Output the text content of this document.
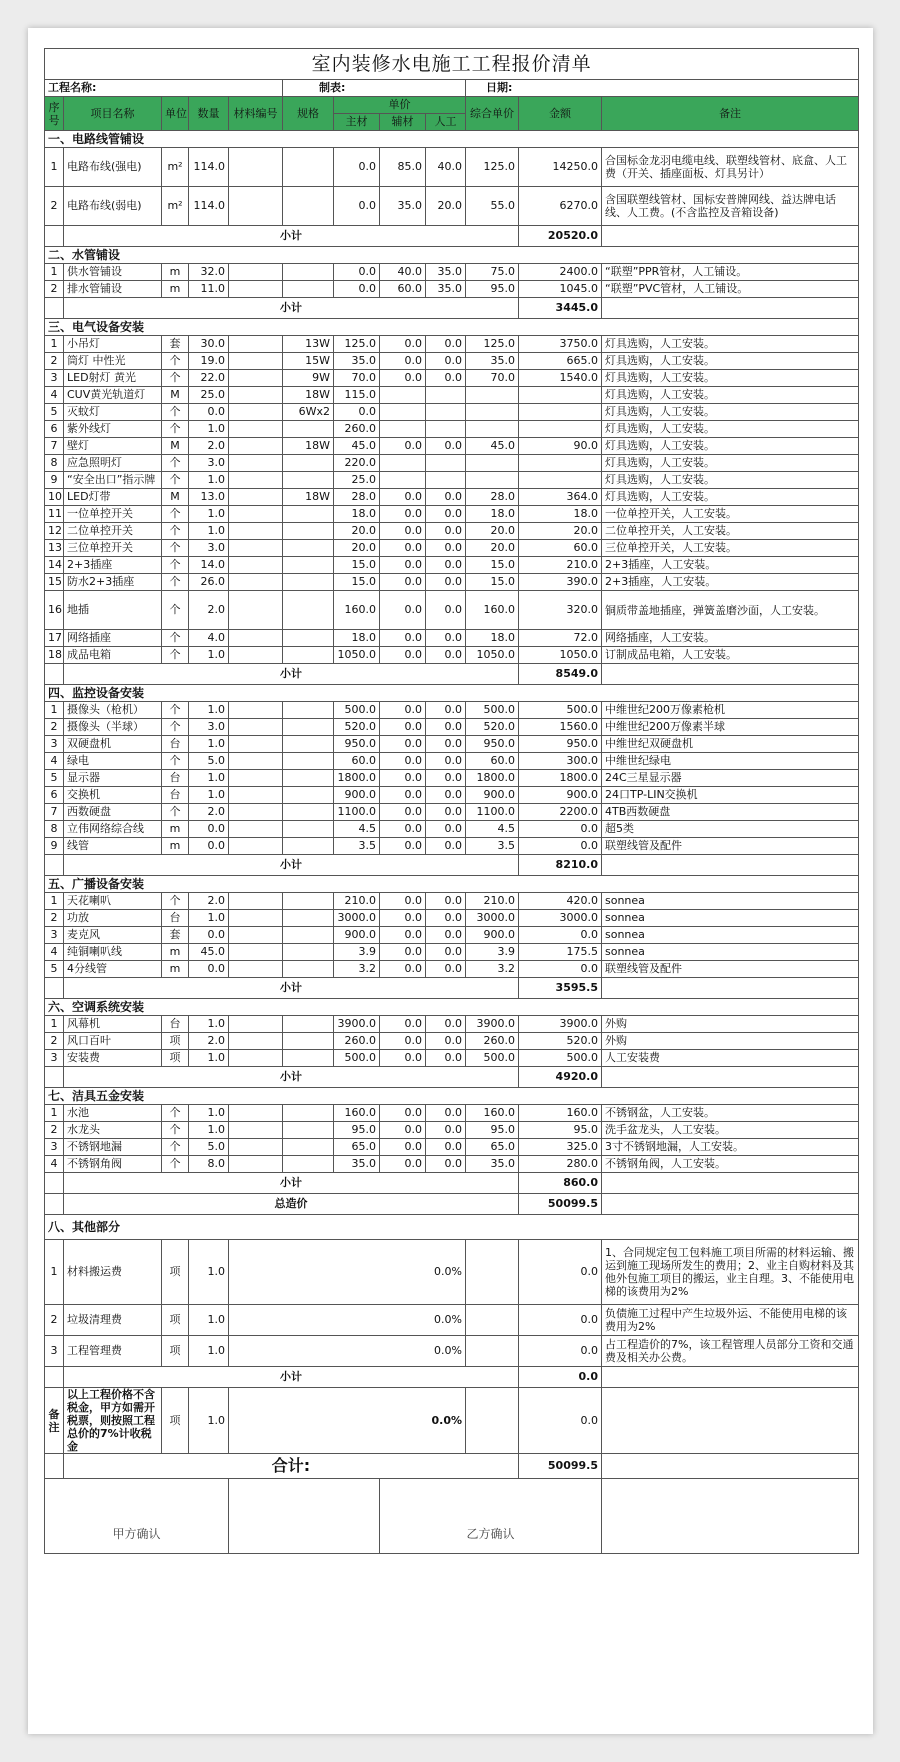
室内装修水电施工工程报价清单											
工程名称:					制表:				日期:		
序号	项目名称	单位	数量	材料编号	规格	单价			综合单价	金额	备注
						主材	辅材	人工			
一、电路线管铺设											
1	电路布线(强电)	m²	114.0			0.0	85.0	40.0	125.0	14250.0	合国标金龙羽电缆电线、联塑线管材、底盒、人工费（开关、插座面板、灯具另计）
2	电路布线(弱电)	m²	114.0			0.0	35.0	20.0	55.0	6270.0	含国联塑线管材、国标安普牌网线、益达牌电话线、人工费。(不含监控及音箱设备)
	小计									20520.0	
二、水管铺设											
1	供水管铺设	m	32.0			0.0	40.0	35.0	75.0	2400.0	“联塑”PPR管材，人工铺设。
2	排水管铺设	m	11.0			0.0	60.0	35.0	95.0	1045.0	“联塑”PVC管材，人工铺设。
	小计									3445.0	
三、电气设备安装											
1	小吊灯	套	30.0		13W	125.0	0.0	0.0	125.0	3750.0	灯具选购，人工安装。
2	筒灯 中性光	个	19.0		15W	35.0	0.0	0.0	35.0	665.0	灯具选购，人工安装。
3	LED射灯 黄光	个	22.0		9W	70.0	0.0	0.0	70.0	1540.0	灯具选购，人工安装。
4	CUV黄光轨道灯	M	25.0		18W	115.0					灯具选购，人工安装。
5	灭蚊灯	个	0.0		6Wx2	0.0					灯具选购，人工安装。
6	紫外线灯	个	1.0			260.0					灯具选购，人工安装。
7	壁灯	M	2.0		18W	45.0	0.0	0.0	45.0	90.0	灯具选购，人工安装。
8	应急照明灯	个	3.0			220.0					灯具选购，人工安装。
9	“安全出口”指示牌	个	1.0			25.0					灯具选购，人工安装。
10	LED灯带	M	13.0		18W	28.0	0.0	0.0	28.0	364.0	灯具选购，人工安装。
11	一位单控开关	个	1.0			18.0	0.0	0.0	18.0	18.0	一位单控开关，人工安装。
12	二位单控开关	个	1.0			20.0	0.0	0.0	20.0	20.0	二位单控开关，人工安装。
13	三位单控开关	个	3.0			20.0	0.0	0.0	20.0	60.0	三位单控开关，人工安装。
14	2+3插座	个	14.0			15.0	0.0	0.0	15.0	210.0	2+3插座，人工安装。
15	防水2+3插座	个	26.0			15.0	0.0	0.0	15.0	390.0	2+3插座，人工安装。
16	地插	个	2.0			160.0	0.0	0.0	160.0	320.0	铜质带盖地插座，弹簧盖磨沙面，人工安装。
17	网络插座	个	4.0			18.0	0.0	0.0	18.0	72.0	网络插座，人工安装。
18	成品电箱	个	1.0			1050.0	0.0	0.0	1050.0	1050.0	订制成品电箱，人工安装。
	小计									8549.0	
四、监控设备安装											
1	摄像头（枪机）	个	1.0			500.0	0.0	0.0	500.0	500.0	中维世纪200万像素枪机
2	摄像头（半球）	个	3.0			520.0	0.0	0.0	520.0	1560.0	中维世纪200万像素半球
3	双硬盘机	台	1.0			950.0	0.0	0.0	950.0	950.0	中维世纪双硬盘机
4	绿电	个	5.0			60.0	0.0	0.0	60.0	300.0	中维世纪绿电
5	显示器	台	1.0			1800.0	0.0	0.0	1800.0	1800.0	24C三星显示器
6	交换机	台	1.0			900.0	0.0	0.0	900.0	900.0	24口TP-LIN交换机
7	西数硬盘	个	2.0			1100.0	0.0	0.0	1100.0	2200.0	4TB西数硬盘
8	立伟网络综合线	m	0.0			4.5	0.0	0.0	4.5	0.0	超5类
9	线管	m	0.0			3.5	0.0	0.0	3.5	0.0	联塑线管及配件
	小计									8210.0	
五、广播设备安装											
1	天花喇叭	个	2.0			210.0	0.0	0.0	210.0	420.0	sonnea
2	功放	台	1.0			3000.0	0.0	0.0	3000.0	3000.0	sonnea
3	麦克风	套	0.0			900.0	0.0	0.0	900.0	0.0	sonnea
4	纯铜喇叭线	m	45.0			3.9	0.0	0.0	3.9	175.5	sonnea
5	4分线管	m	0.0			3.2	0.0	0.0	3.2	0.0	联塑线管及配件
	小计									3595.5	
六、空调系统安装											
1	风幕机	台	1.0			3900.0	0.0	0.0	3900.0	3900.0	外购
2	风口百叶	项	2.0			260.0	0.0	0.0	260.0	520.0	外购
3	安装费	项	1.0			500.0	0.0	0.0	500.0	500.0	人工安装费
	小计									4920.0	
七、洁具五金安装											
1	水池	个	1.0			160.0	0.0	0.0	160.0	160.0	不锈钢盆，人工安装。
2	水龙头	个	1.0			95.0	0.0	0.0	95.0	95.0	洗手盆龙头，人工安装。
3	不锈钢地漏	个	5.0			65.0	0.0	0.0	65.0	325.0	3寸不锈钢地漏，人工安装。
4	不锈钢角阀	个	8.0			35.0	0.0	0.0	35.0	280.0	不锈钢角阀，人工安装。
	小计									860.0	
	总造价									50099.5	
八、其他部分											
1	材料搬运费	项	1.0	0.0%						0.0	1、合同规定包工包料施工项目所需的材料运输、搬运到施工现场所发生的费用；2、业主自购材料及其他外包施工项目的搬运，业主自理。3、不能使用电梯的该费用为2%
2	垃圾清理费	项	1.0	0.0%						0.0	负债施工过程中产生垃圾外运、不能使用电梯的该费用为2%
3	工程管理费	项	1.0	0.0%						0.0	占工程造价的7%，该工程管理人员部分工资和交通费及相关办公费。
	小计									0.0	
备注	以上工程价格不含税金，甲方如需开税票，则按照工程总价的7%计收税金	项	1.0	0.0%						0.0	
	合计:									50099.5	
甲方确认							乙方确认				
